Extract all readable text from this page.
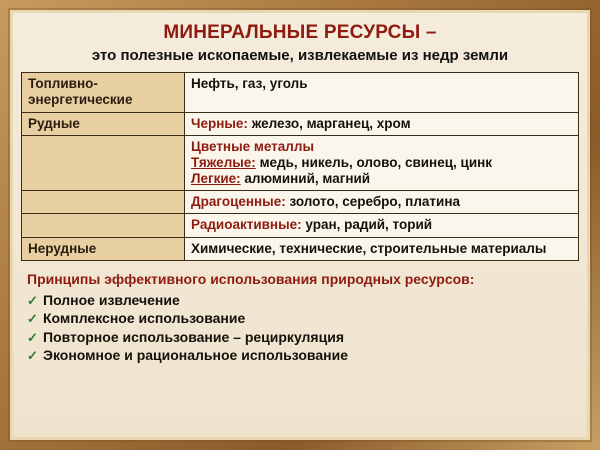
МИНЕРАЛЬНЫЕ РЕСУРСЫ –
это полезные ископаемые, извлекаемые из недр земли
Топливно-энергетические	Нефть, газ, уголь
Рудные	Черные: железо, марганец, хром

	Цветные металлы
Тяжелые: медь, никель, олово, свинец, цинк
Легкие: алюминий, магний

	Драгоценные: золото, серебро, платина
	Радиоактивные: уран, радий, торий
Нерудные	Химические, технические, строительные материалы
Принципы эффективного использования природных ресурсов:
✓ Полное извлечение
✓ Комплексное использование
✓ Повторное использование – рециркуляция
✓ Экономное и рациональное использование
